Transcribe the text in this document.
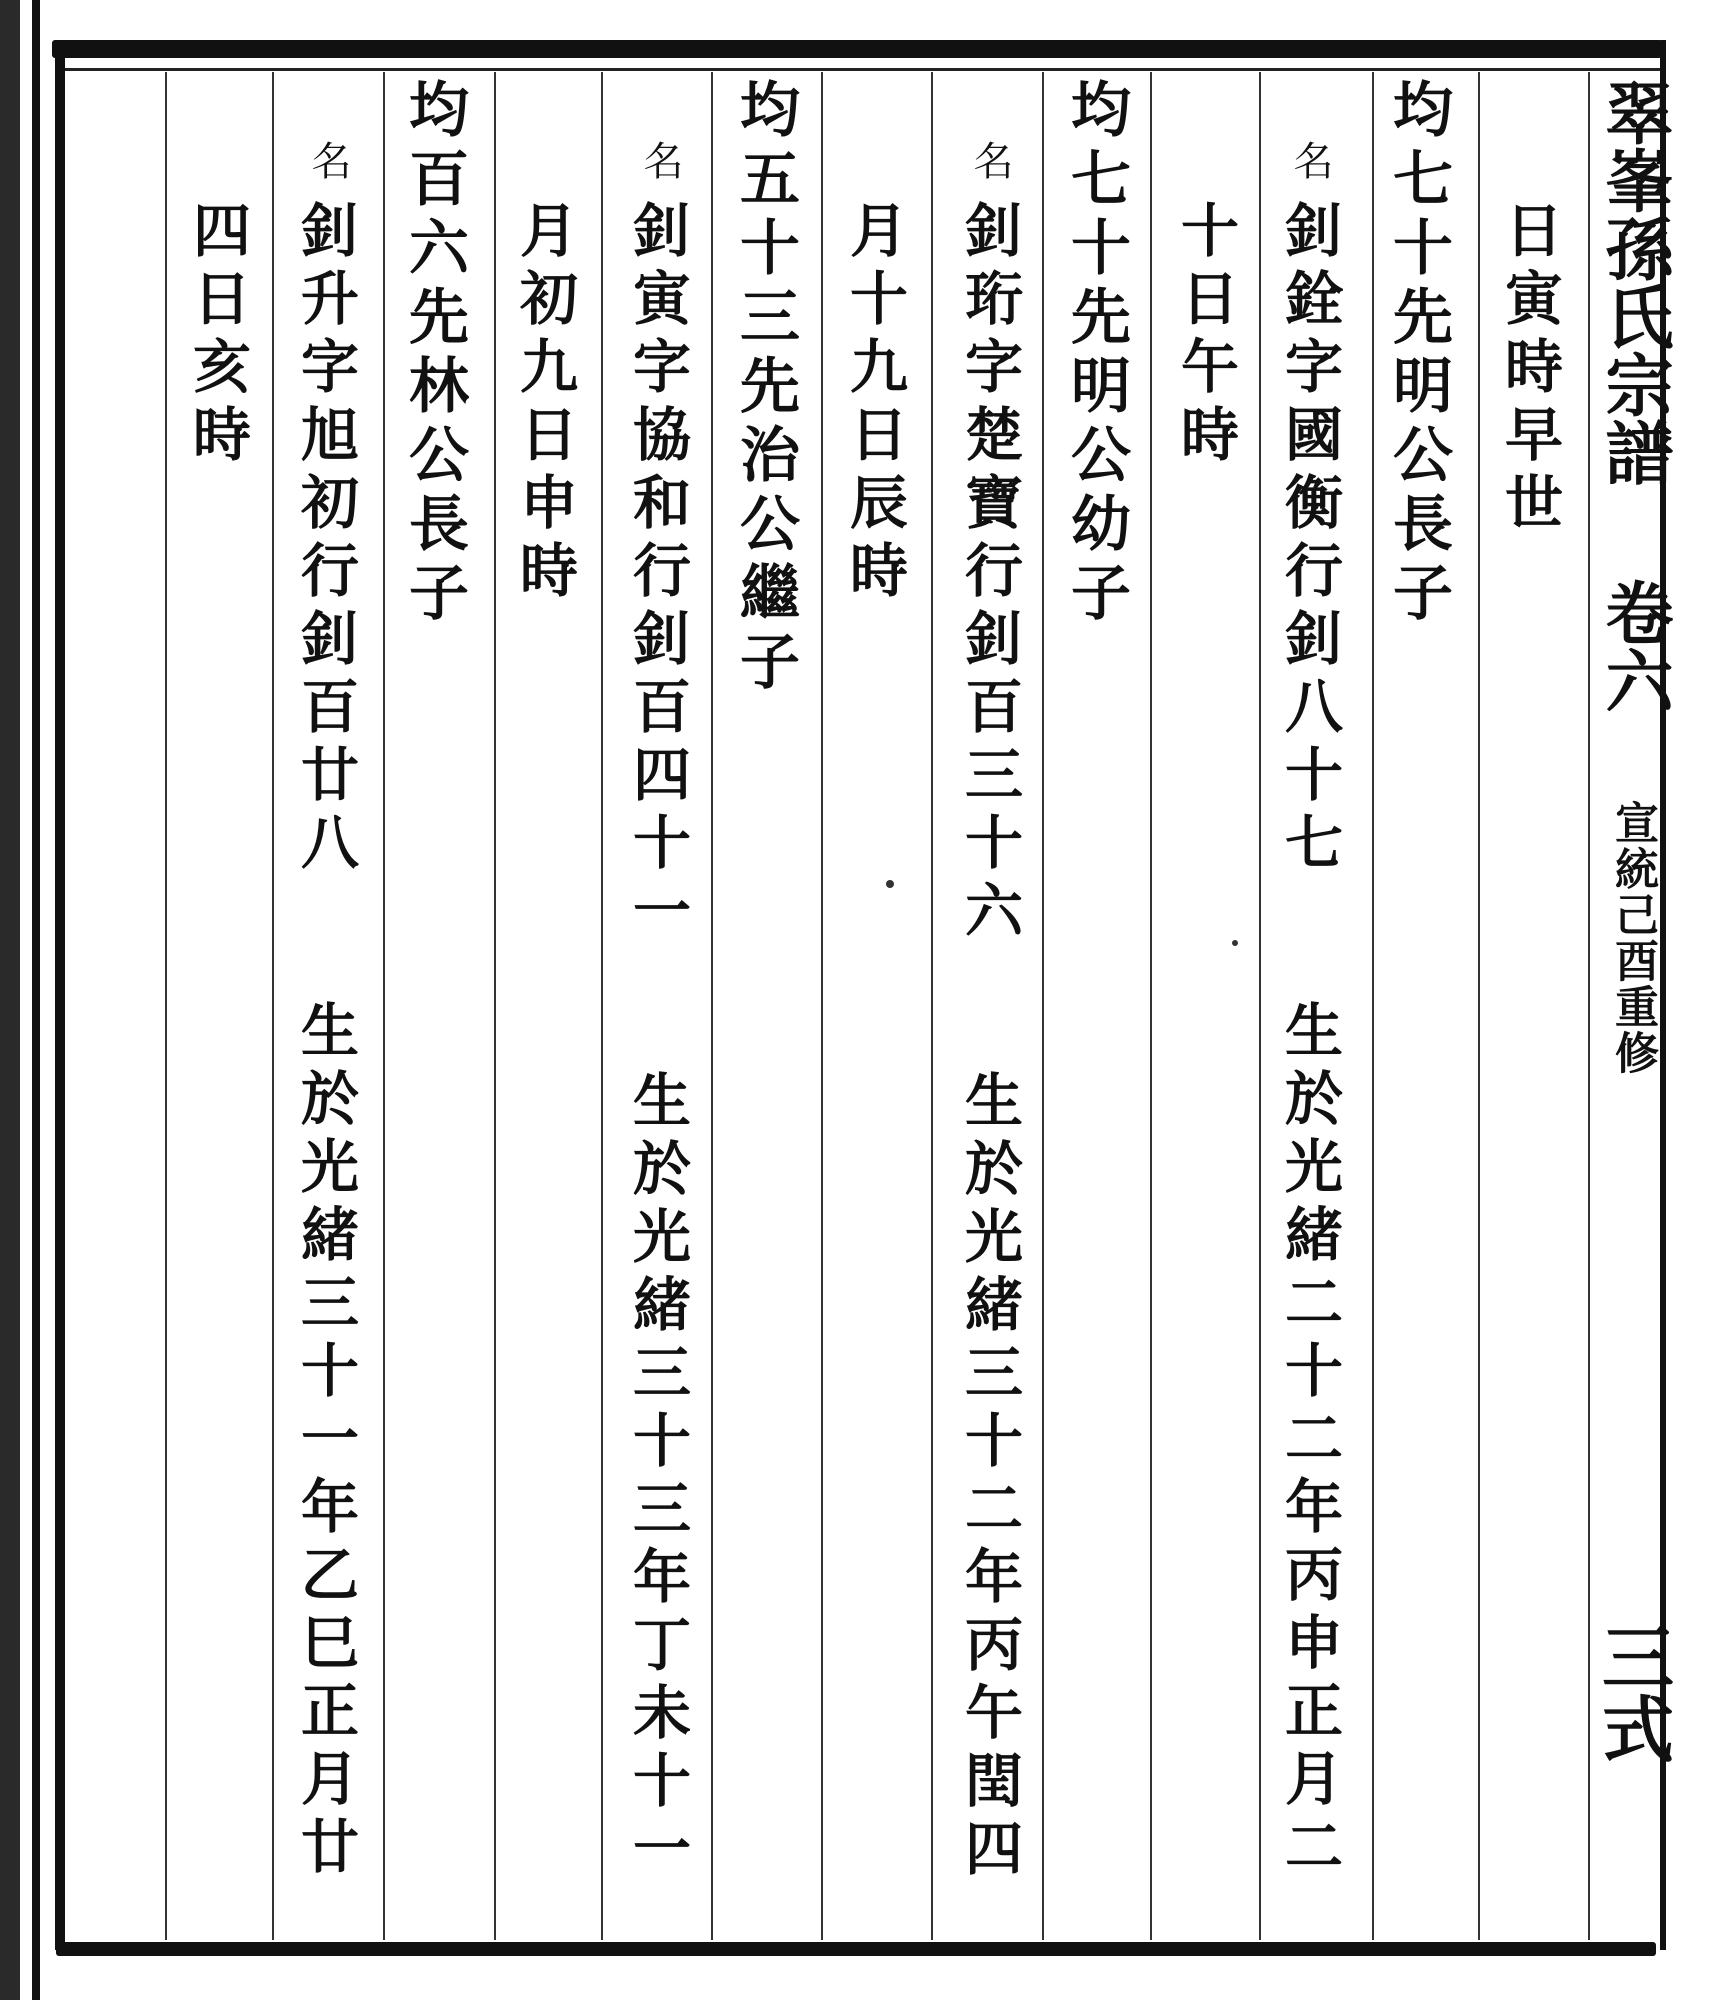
翠峯孫氏宗譜
卷六
宣統己酉重修
三式
日寅時早世
均七十先明公長子
名
釗銓字國衡行釗八十七
生於光緒二十二年丙申正月二
十日午時
均七十先明公幼子
名
釗珩字楚寶行釗百三十六
生於光緒三十二年丙午閏四
月十九日辰時
均五十三先治公繼子
名
釗寅字協和行釗百四十一
生於光緒三十三年丁未十一
月初九日申時
均百六先林公長子
名
釗升字旭初行釗百廿八
生於光緒三十一年乙巳正月廿
四日亥時
